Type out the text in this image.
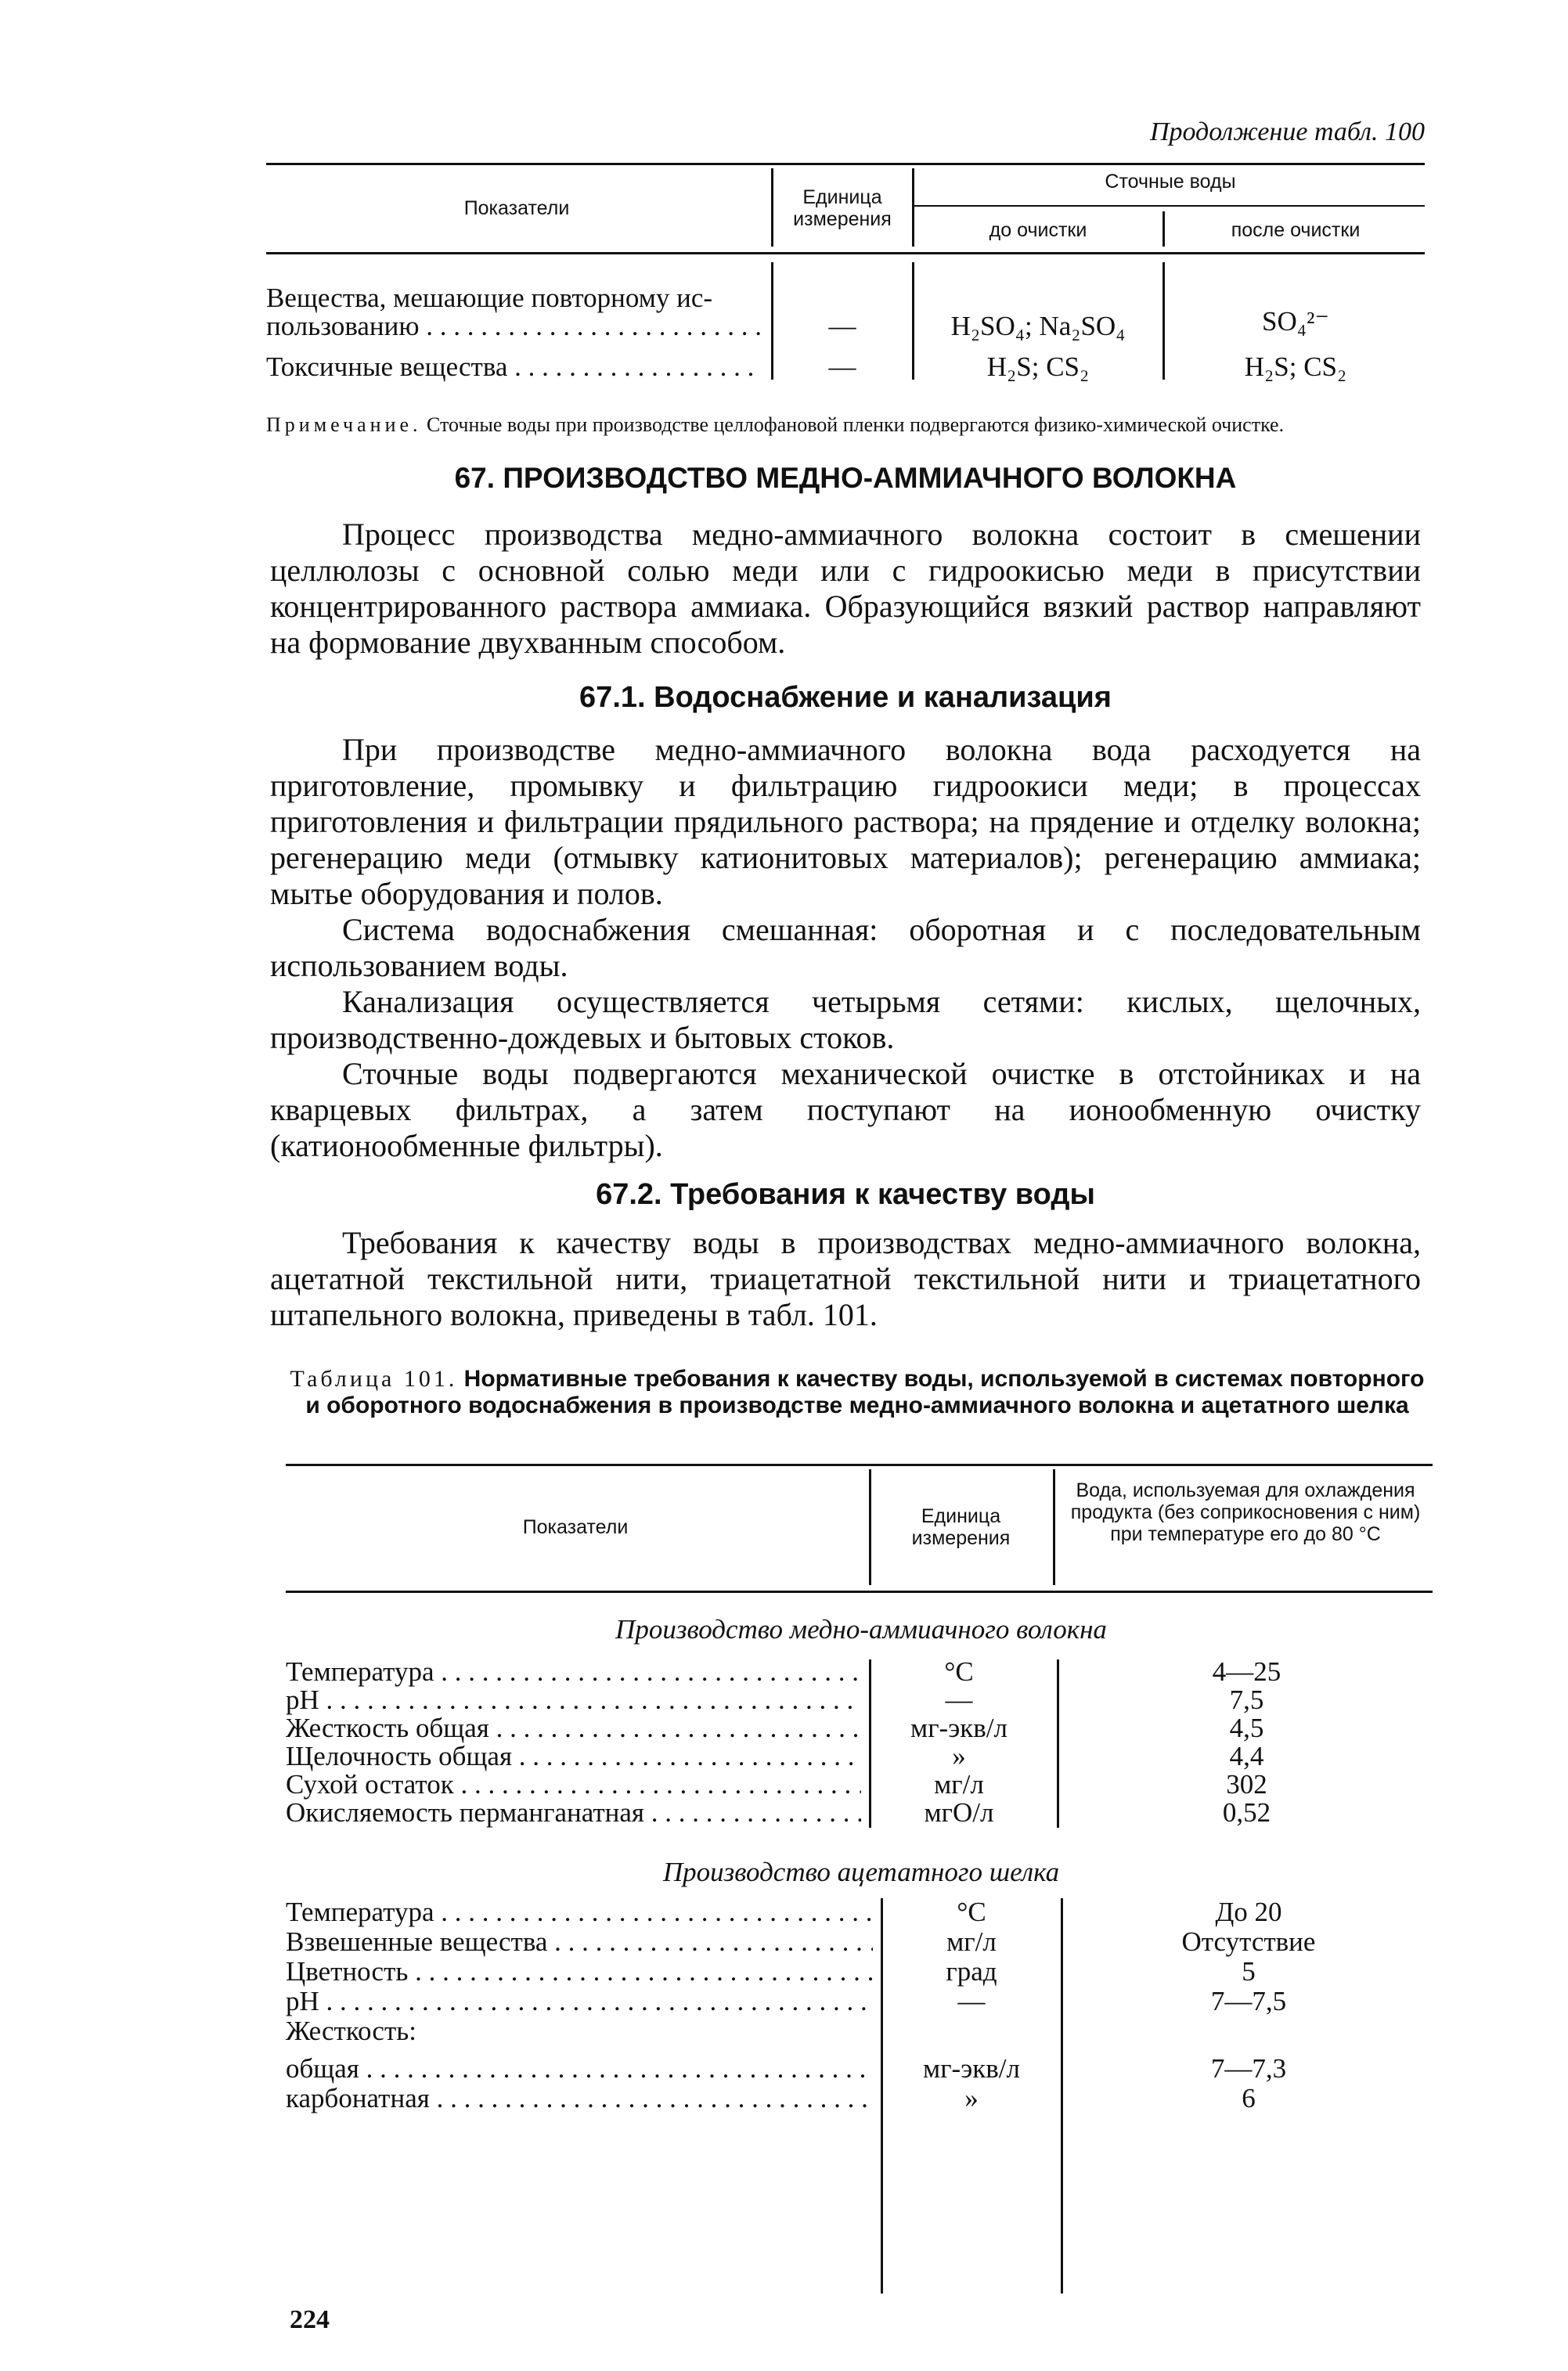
Продолжение табл. 100
Показатели	Единица измерения
Сточные воды
до очистки	после очистки
Вещества, мешающие повторному ис-
пользованию . . .	—	H₂SO₄; Na₂SO₄	SO₄²⁻
Токсичные вещества . . .	—	H₂S; CS₂	H₂S; CS₂
Примечание. Сточные воды при производстве целлофановой пленки подвергаются физико-химической очистке.
67. ПРОИЗВОДСТВО МЕДНО-АММИАЧНОГО ВОЛОКНА
Процесс производства медно-аммиачного волокна состоит в смешении целлюлозы с основной солью меди или с гидроокисью меди в присутствии концентрированного раствора аммиака. Образующийся вязкий раствор направляют на формование двухванным способом.
67.1. Водоснабжение и канализация
При производстве медно-аммиачного волокна вода расходуется на приготовление, промывку и фильтрацию гидроокиси меди; в процессах приготовления и фильтрации прядильного раствора; на прядение и отделку волокна; регенерацию меди (отмывку катионитовых материалов); регенерацию аммиака; мытье оборудования и полов.
Система водоснабжения смешанная: оборотная и с последовательным использованием воды.
Канализация осуществляется четырьмя сетями: кислых, щелочных, производственно-дождевых и бытовых стоков.
Сточные воды подвергаются механической очистке в отстойниках и на кварцевых фильтрах, а затем поступают на ионообменную очистку (катионообменные фильтры).
67.2. Требования к качеству воды
Требования к качеству воды в производствах медно-аммиачного волокна, ацетатной текстильной нити, триацетатной текстильной нити и триацетатного штапельного волокна, приведены в табл. 101.
Таблица 101. Нормативные требования к качеству воды, используемой в системах повторного и оборотного водоснабжения в производстве медно-аммиачного волокна и ацетатного шелка
Показатели	Единица измерения
Вода, используемая для охлаждения продукта (без соприкосновения с ним) при температуре его до 80 °С
Производство медно-аммиачного волокна
Температура . . .	°С	4—25
pH . . .	—	7,5
Жесткость общая . . .	мг-экв/л	4,5
Щелочность общая . . .	»	4,4
Сухой остаток . . .	мг/л	302
Окисляемость перманганатная . . .	мгО/л	0,52
Производство ацетатного шелка
Температура . . .	°С	До 20
Взвешенные вещества . . .	мг/л	Отсутствие
Цветность . . .	град	5
pH . . .	—	7—7,5
Жесткость:
общая . . .	мг-экв/л	7—7,3
карбонатная . . .	»	6
224
